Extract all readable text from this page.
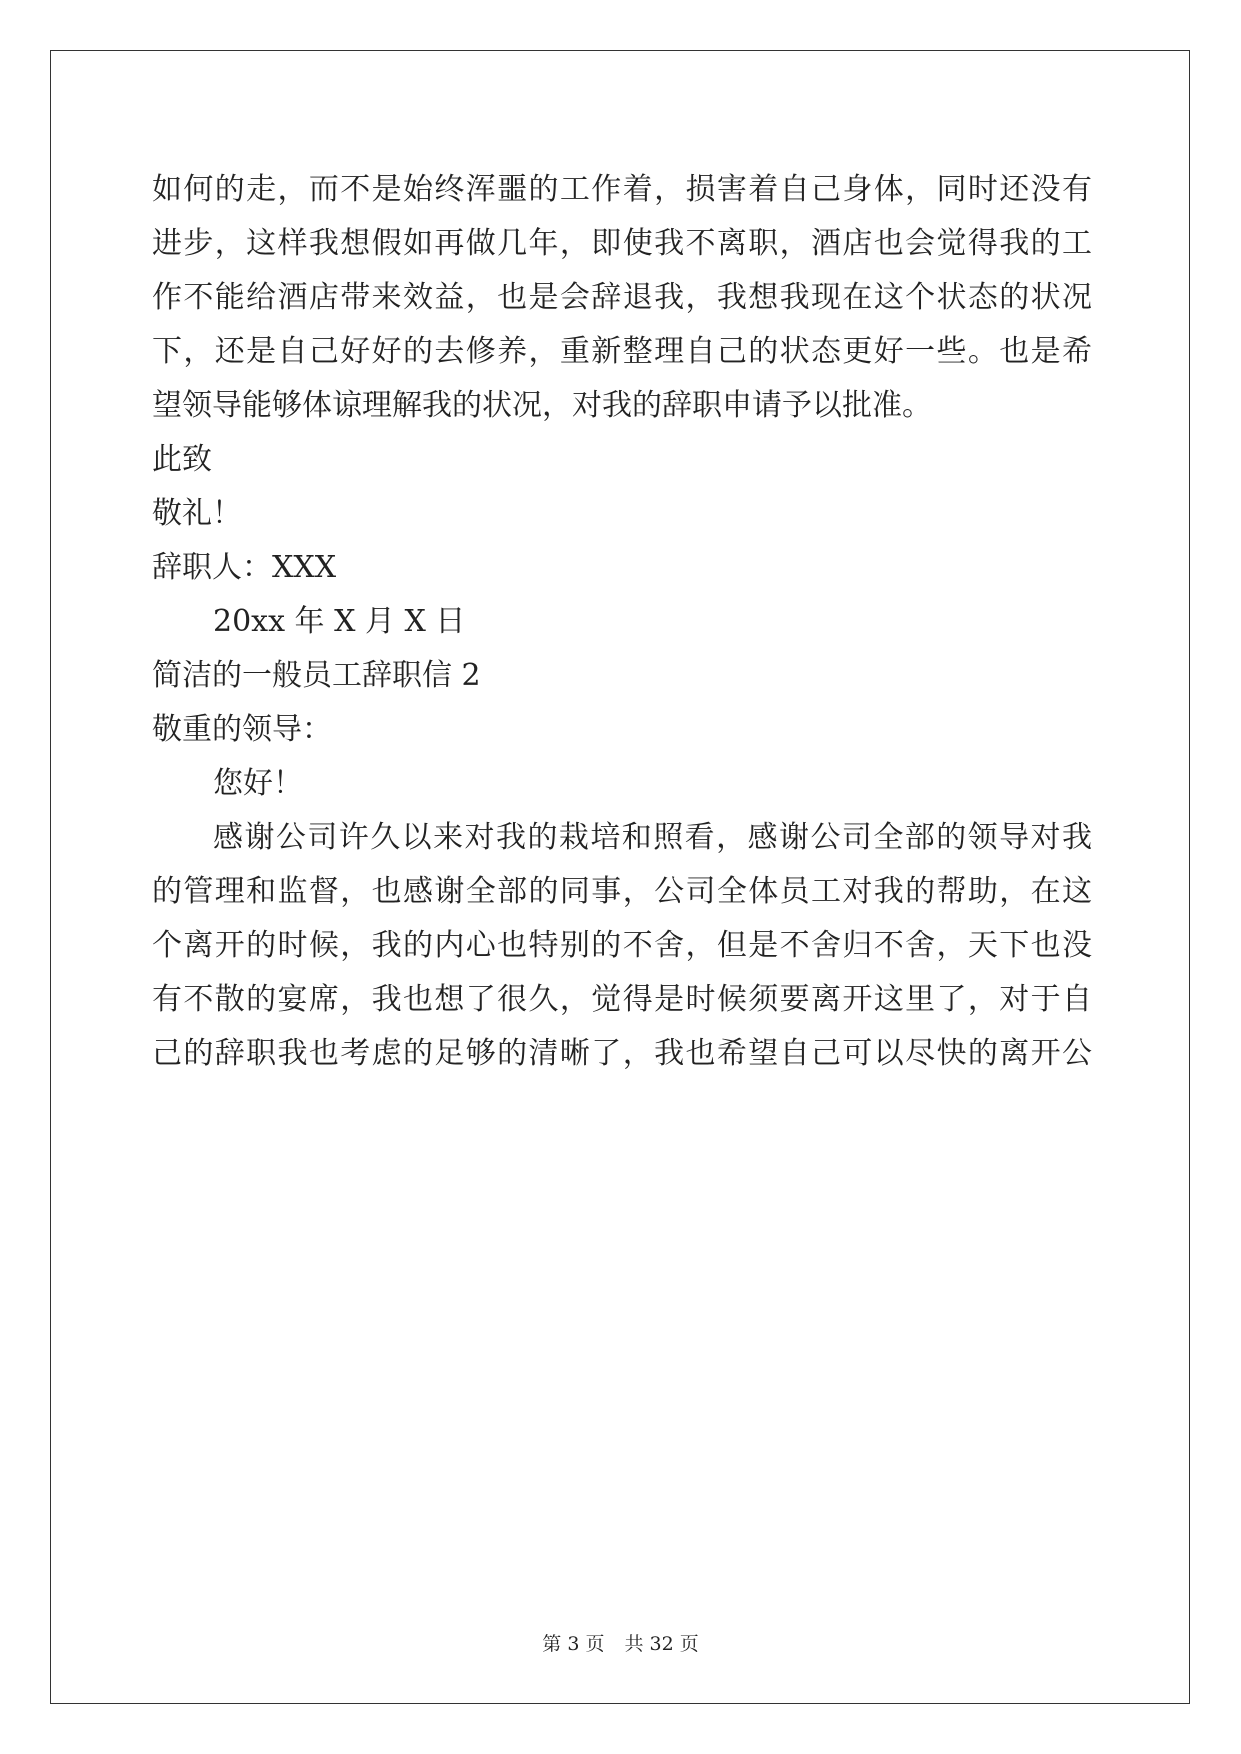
如何的走，而不是始终浑噩的工作着，损害着自己身体，同时还没有
进步，这样我想假如再做几年，即使我不离职，酒店也会觉得我的工
作不能给酒店带来效益，也是会辞退我，我想我现在这个状态的状况
下，还是自己好好的去修养，重新整理自己的状态更好一些。也是希
望领导能够体谅理解我的状况，对我的辞职申请予以批准。
此致
敬礼！
辞职人：XXX
20xx 年 X 月 X 日
简洁的一般员工辞职信 2
敬重的领导：
您好！
感谢公司许久以来对我的栽培和照看，感谢公司全部的领导对我
的管理和监督，也感谢全部的同事，公司全体员工对我的帮助，在这
个离开的时候，我的内心也特别的不舍，但是不舍归不舍，天下也没
有不散的宴席，我也想了很久，觉得是时候须要离开这里了，对于自
己的辞职我也考虑的足够的清晰了，我也希望自己可以尽快的离开公
第 3 页 共 32 页
